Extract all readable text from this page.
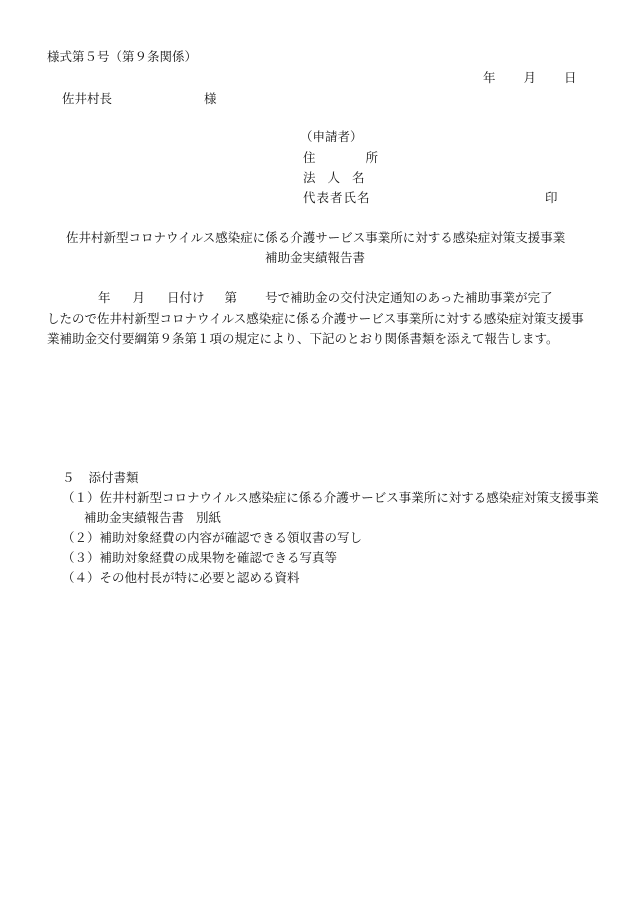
様式第５号（第９条関係）
年 月 日
佐井村長	様
（申請者）
住	所
法 人 名
代表者氏名	印
佐井村新型コロナウイルス感染症に係る介護サービス事業所に対する感染症対策支援事業
補助金実績報告書
年 月 日付け 第 号で補助金の交付決定通知のあった補助事業が完了
したので佐井村新型コロナウイルス感染症に係る介護サービス事業所に対する感染症対策支援事
業補助金交付要綱第９条第１項の規定により、下記のとおり関係書類を添えて報告します。
５ 添付書類
（１）佐井村新型コロナウイルス感染症に係る介護サービス事業所に対する感染症対策支援事業
補助金実績報告書 別紙
（２）補助対象経費の内容が確認できる領収書の写し
（３）補助対象経費の成果物を確認できる写真等
（４）その他村長が特に必要と認める資料
